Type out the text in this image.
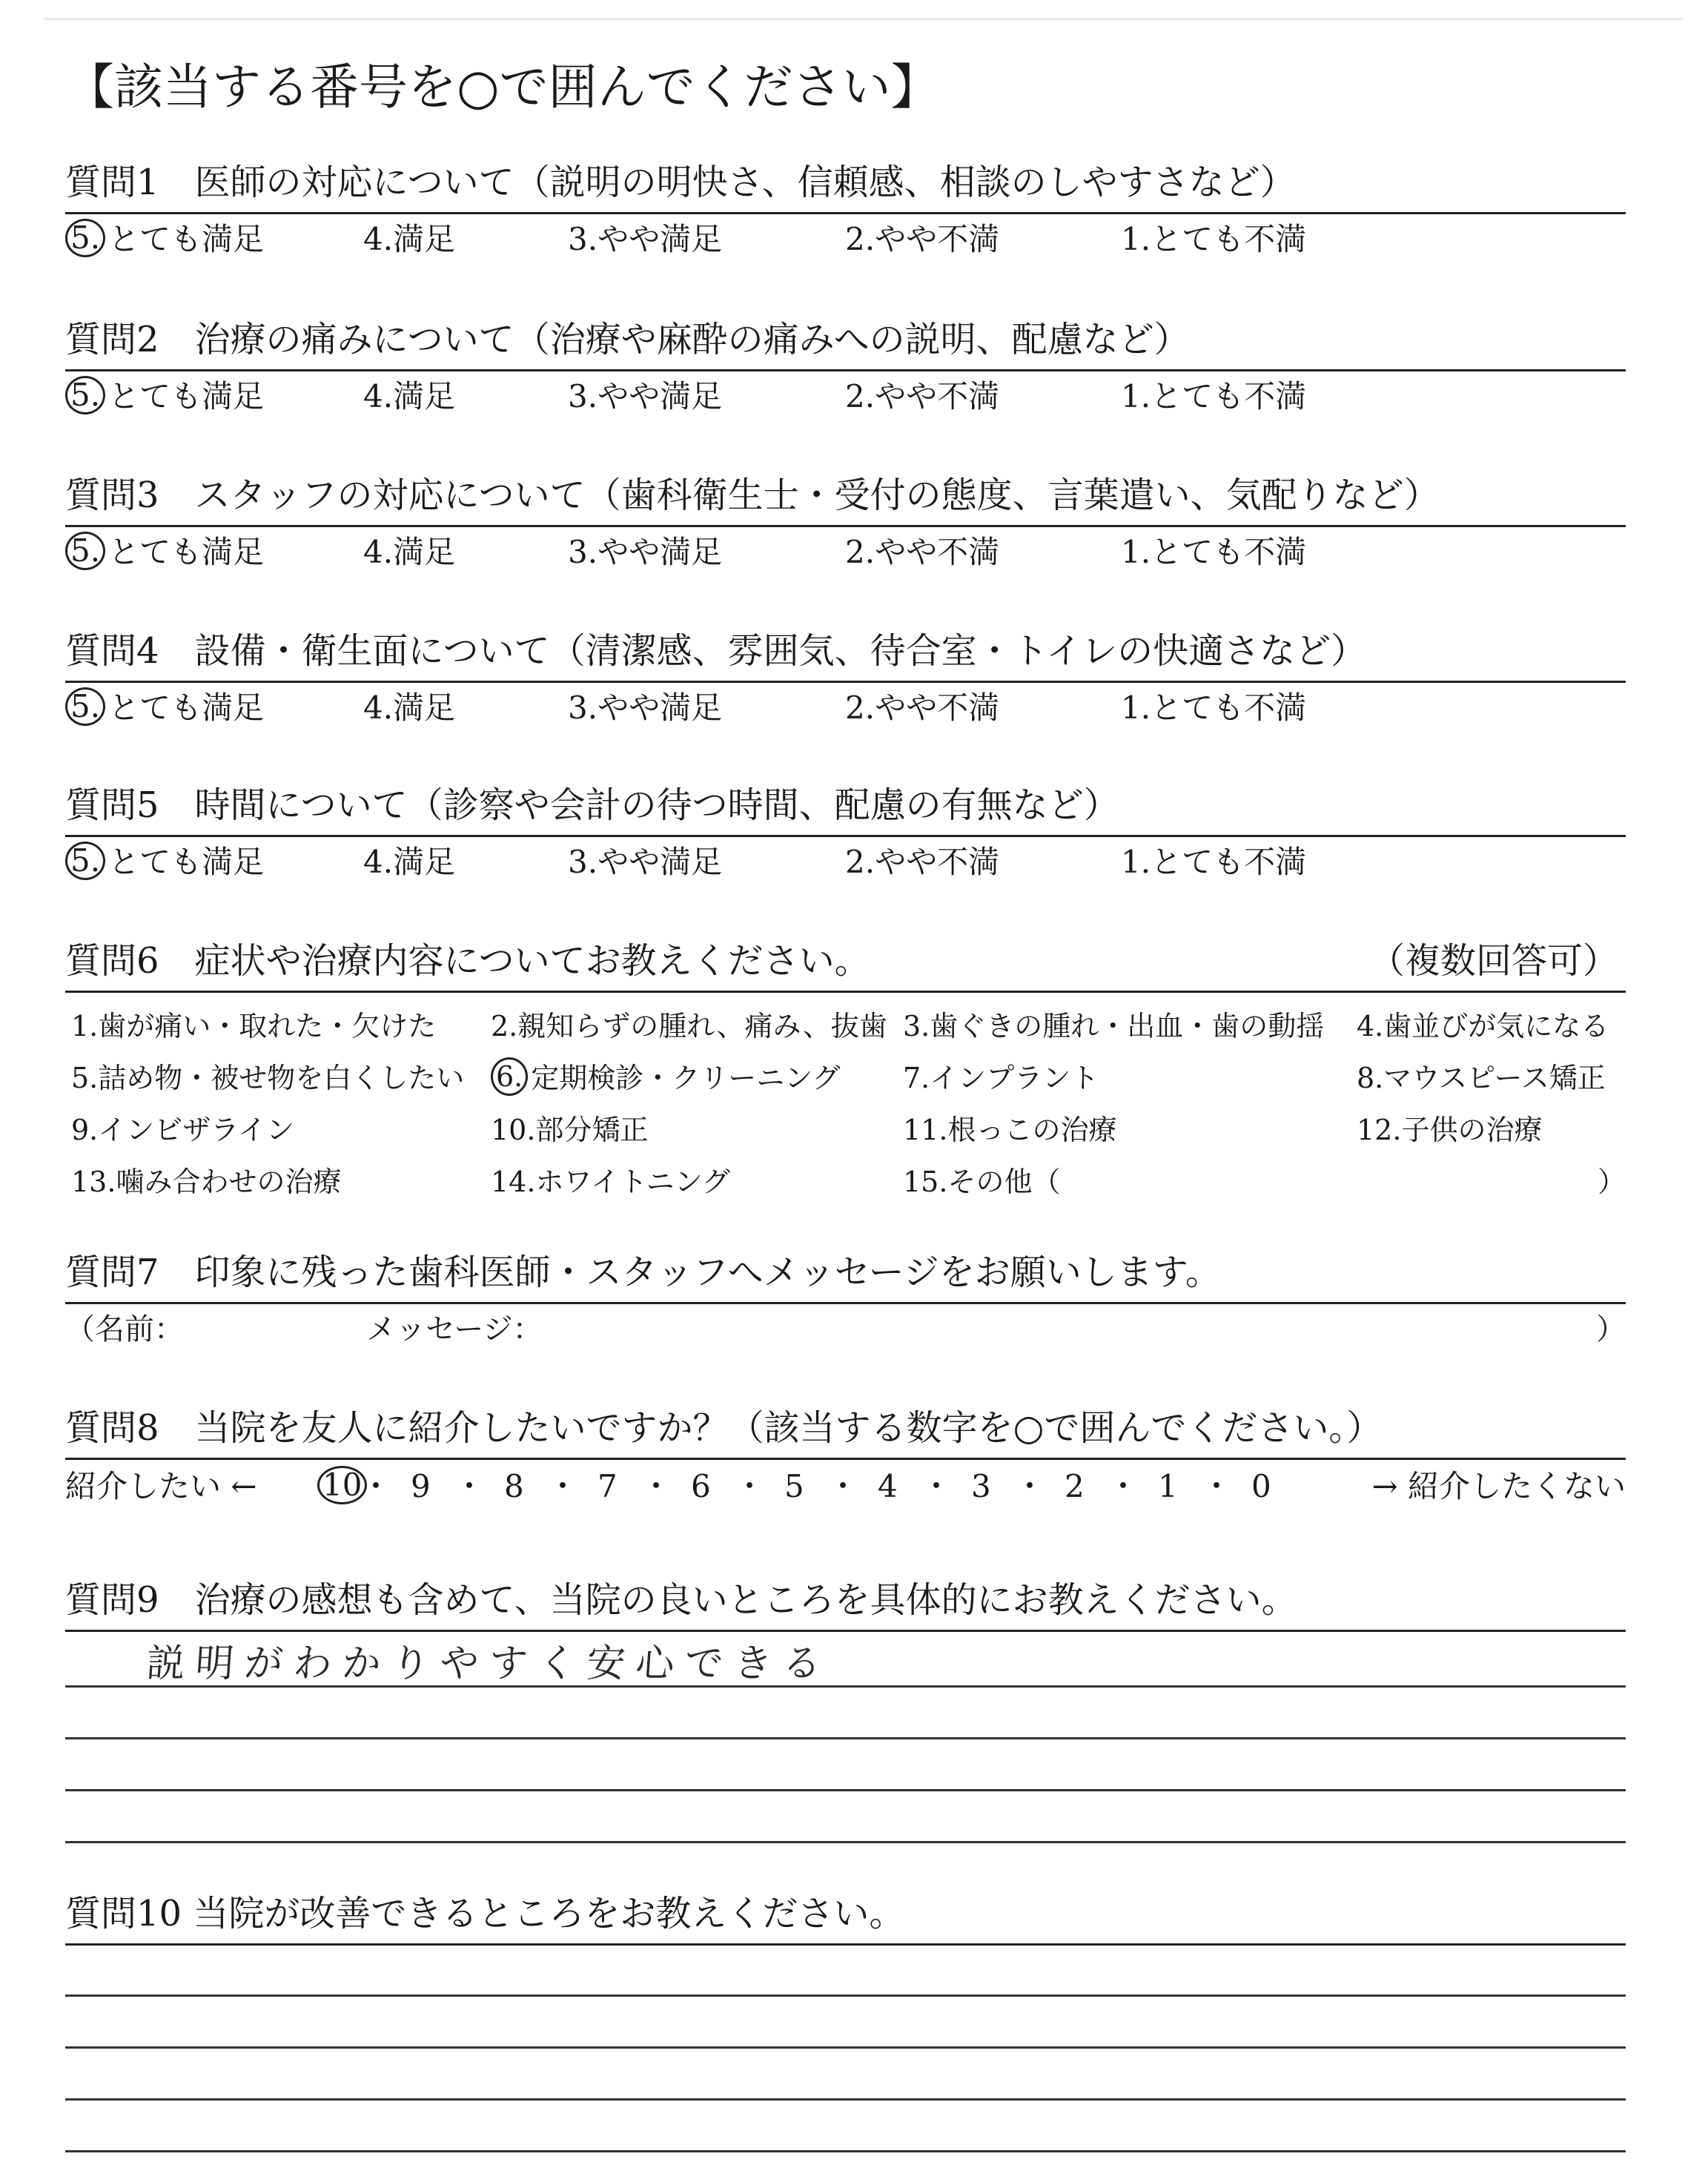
【該当する番号を○で囲んでください】
質問1　医師の対応について（説明の明快さ、信頼感、相談のしやすさなど）
5. とても満足	4.満足	3.やや満足	2.やや不満	1.とても不満
質問2　治療の痛みについて（治療や麻酔の痛みへの説明、配慮など）
5. とても満足	4.満足	3.やや満足	2.やや不満	1.とても不満
質問3　スタッフの対応について（歯科衛生士・受付の態度、言葉遣い、気配りなど）
5. とても満足	4.満足	3.やや満足	2.やや不満	1.とても不満
質問4　設備・衛生面について（清潔感、雰囲気、待合室・トイレの快適さなど）
5. とても満足	4.満足	3.やや満足	2.やや不満	1.とても不満
質問5　時間について（診察や会計の待つ時間、配慮の有無など）
5. とても満足	4.満足	3.やや満足	2.やや不満	1.とても不満
質問6　症状や治療内容についてお教えください。	（複数回答可）
1.歯が痛い・取れた・欠けた 2.親知らずの腫れ、痛み、抜歯 3.歯ぐきの腫れ・出血・歯の動揺 4.歯並びが気になる
5.詰め物・被せ物を白くしたい 6. 定期検診・クリーニング 7.インプラント	8.マウスピース矯正
9.インビザライン	10.部分矯正	11.根っこの治療	12.子供の治療
13.噛み合わせの治療	14.ホワイトニング	15.その他（	）
質問7　印象に残った歯科医師・スタッフへメッセージをお願いします。
（名前：	メッセージ：	）
質問8　当院を友人に紹介したいですか？（該当する数字を○で囲んでください。）
紹介したい ←	→ 紹介したくない
10
・ 9 ・ 8 ・ 7 ・ 6 ・ 5 ・ 4 ・ 3 ・ 2 ・ 1 ・ 0
質問9　治療の感想も含めて、当院の良いところを具体的にお教えください。
説明がわかりやすく安心できる
質問10 当院が改善できるところをお教えください。
